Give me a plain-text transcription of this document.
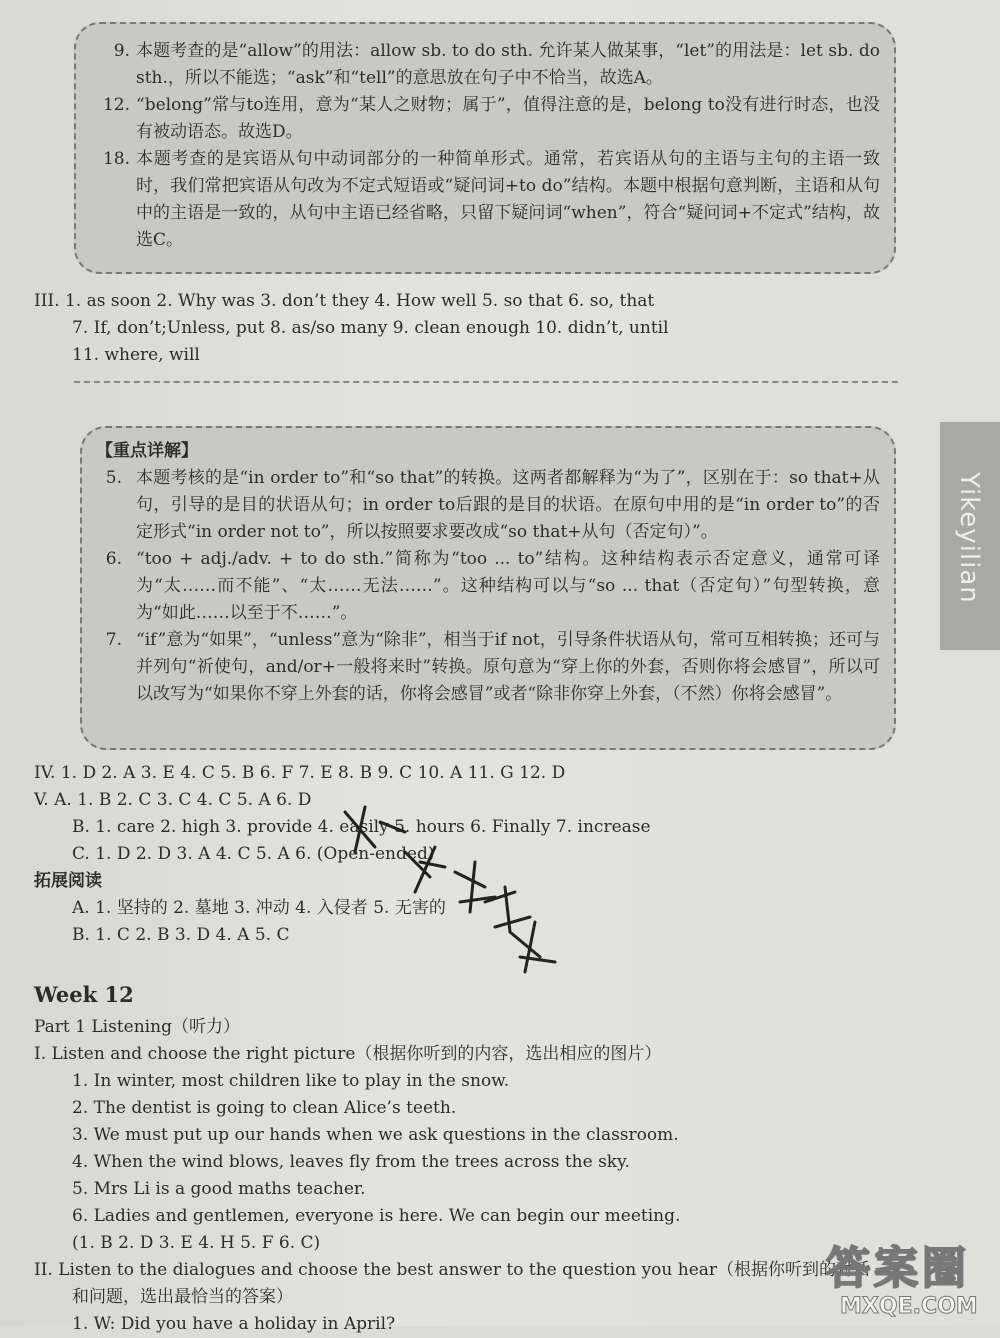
9. 本题考查的是“allow”的用法：allow sb. to do sth. 允许某人做某事，“let”的用法是：let sb. do sth.，所以不能选；“ask”和“tell”的意思放在句子中不恰当，故选A。
12. “belong”常与to连用，意为“某人之财物；属于”，值得注意的是，belong to没有进行时态，也没有被动语态。故选D。
18. 本题考查的是宾语从句中动词部分的一种简单形式。通常，若宾语从句的主语与主句的主语一致时，我们常把宾语从句改为不定式短语或“疑问词+to do”结构。本题中根据句意判断，主语和从句中的主语是一致的，从句中主语已经省略，只留下疑问词“when”，符合“疑问词+不定式”结构，故选C。
III. 1. as soon 2. Why was 3. don’t they 4. How well 5. so that 6. so, that
7. If, don’t;Unless, put 8. as/so many 9. clean enough 10. didn’t, until
11. where, will
【重点详解】
5. 本题考核的是“in order to”和“so that”的转换。这两者都解释为“为了”，区别在于：so that+从句，引导的是目的状语从句；in order to后跟的是目的状语。在原句中用的是“in order to”的否定形式“in order not to”，所以按照要求要改成“so that+从句（否定句）”。
6. “too + adj./adv. + to do sth.”简称为“too ... to”结构。这种结构表示否定意义，通常可译为“太……而不能”、“太……无法……”。这种结构可以与“so ... that（否定句）”句型转换，意为“如此……以至于不……”。
7. “if”意为“如果”，“unless”意为“除非”，相当于if not，引导条件状语从句，常可互相转换；还可与并列句“祈使句，and/or+一般将来时”转换。原句意为“穿上你的外套，否则你将会感冒”，所以可以改写为“如果你不穿上外套的话，你将会感冒”或者“除非你穿上外套，（不然）你将会感冒”。
IV. 1. D 2. A 3. E 4. C 5. B 6. F 7. E 8. B 9. C 10. A 11. G 12. D
V. A. 1. B 2. C 3. C 4. C 5. A 6. D
B. 1. care 2. high 3. provide 4. easily 5. hours 6. Finally 7. increase
C. 1. D 2. D 3. A 4. C 5. A 6. (Open-ended)
拓展阅读
A. 1. 坚持的 2. 墓地 3. 冲动 4. 入侵者 5. 无害的
B. 1. C 2. B 3. D 4. A 5. C
Week 12
Part 1 Listening（听力）
I. Listen and choose the right picture（根据你听到的内容，选出相应的图片）
1. In winter, most children like to play in the snow.
2. The dentist is going to clean Alice’s teeth.
3. We must put up our hands when we ask questions in the classroom.
4. When the wind blows, leaves fly from the trees across the sky.
5. Mrs Li is a good maths teacher.
6. Ladies and gentlemen, everyone is here. We can begin our meeting.
(1. B 2. D 3. E 4. H 5. F 6. C)
II. Listen to the dialogues and choose the best answer to the question you hear（根据你听到的对话
和问题，选出最恰当的答案）
1. W: Did you have a holiday in April?
Yikeyilian
答案圈
MXQE.COM
